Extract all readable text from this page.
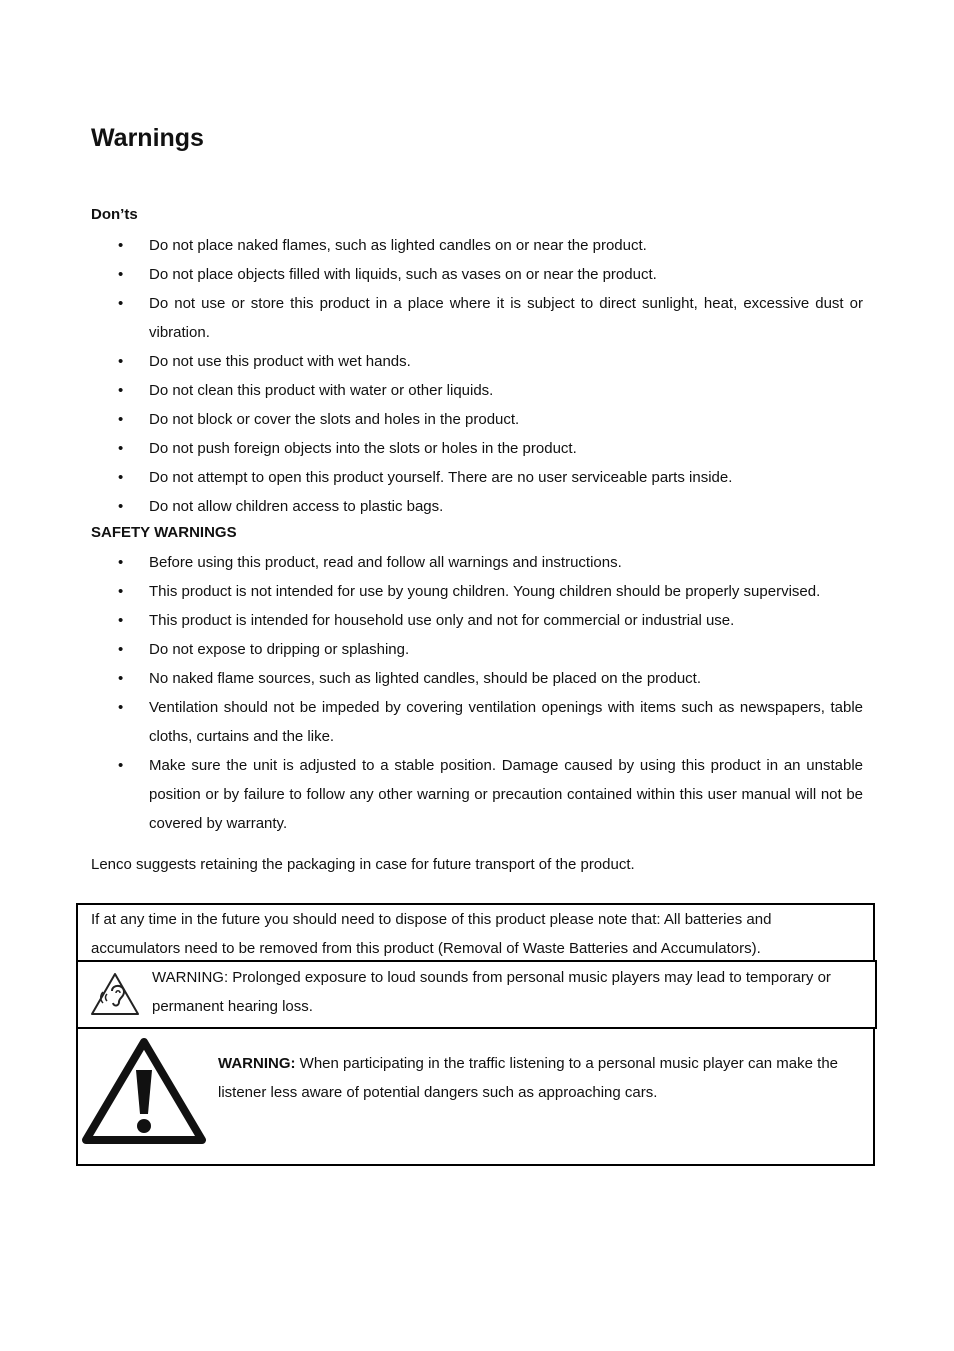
Warnings
Don’ts
• Do not place naked flames, such as lighted candles on or near the product.
• Do not place objects filled with liquids, such as vases on or near the product.
• Do not use or store this product in a place where it is subject to direct sunlight, heat, excessive dust or vibration.
• Do not use this product with wet hands.
• Do not clean this product with water or other liquids.
• Do not block or cover the slots and holes in the product.
• Do not push foreign objects into the slots or holes in the product.
• Do not attempt to open this product yourself. There are no user serviceable parts inside.
• Do not allow children access to plastic bags.
SAFETY WARNINGS
• Before using this product, read and follow all warnings and instructions.
• This product is not intended for use by young children. Young children should be properly supervised.
• This product is intended for household use only and not for commercial or industrial use.
• Do not expose to dripping or splashing.
• No naked flame sources, such as lighted candles, should be placed on the product.
• Ventilation should not be impeded by covering ventilation openings with items such as newspapers, table cloths, curtains and the like.
• Make sure the unit is adjusted to a stable position. Damage caused by using this product in an unstable position or by failure to follow any other warning or precaution contained within this user manual will not be covered by warranty.
Lenco suggests retaining the packaging in case for future transport of the product.
If at any time in the future you should need to dispose of this product please note that: All batteries and accumulators need to be removed from this product (Removal of Waste Batteries and Accumulators).
WARNING: Prolonged exposure to loud sounds from personal music players may lead to temporary or permanent hearing loss.
WARNING: When participating in the traffic listening to a personal music player can make the listener less aware of potential dangers such as approaching cars.
